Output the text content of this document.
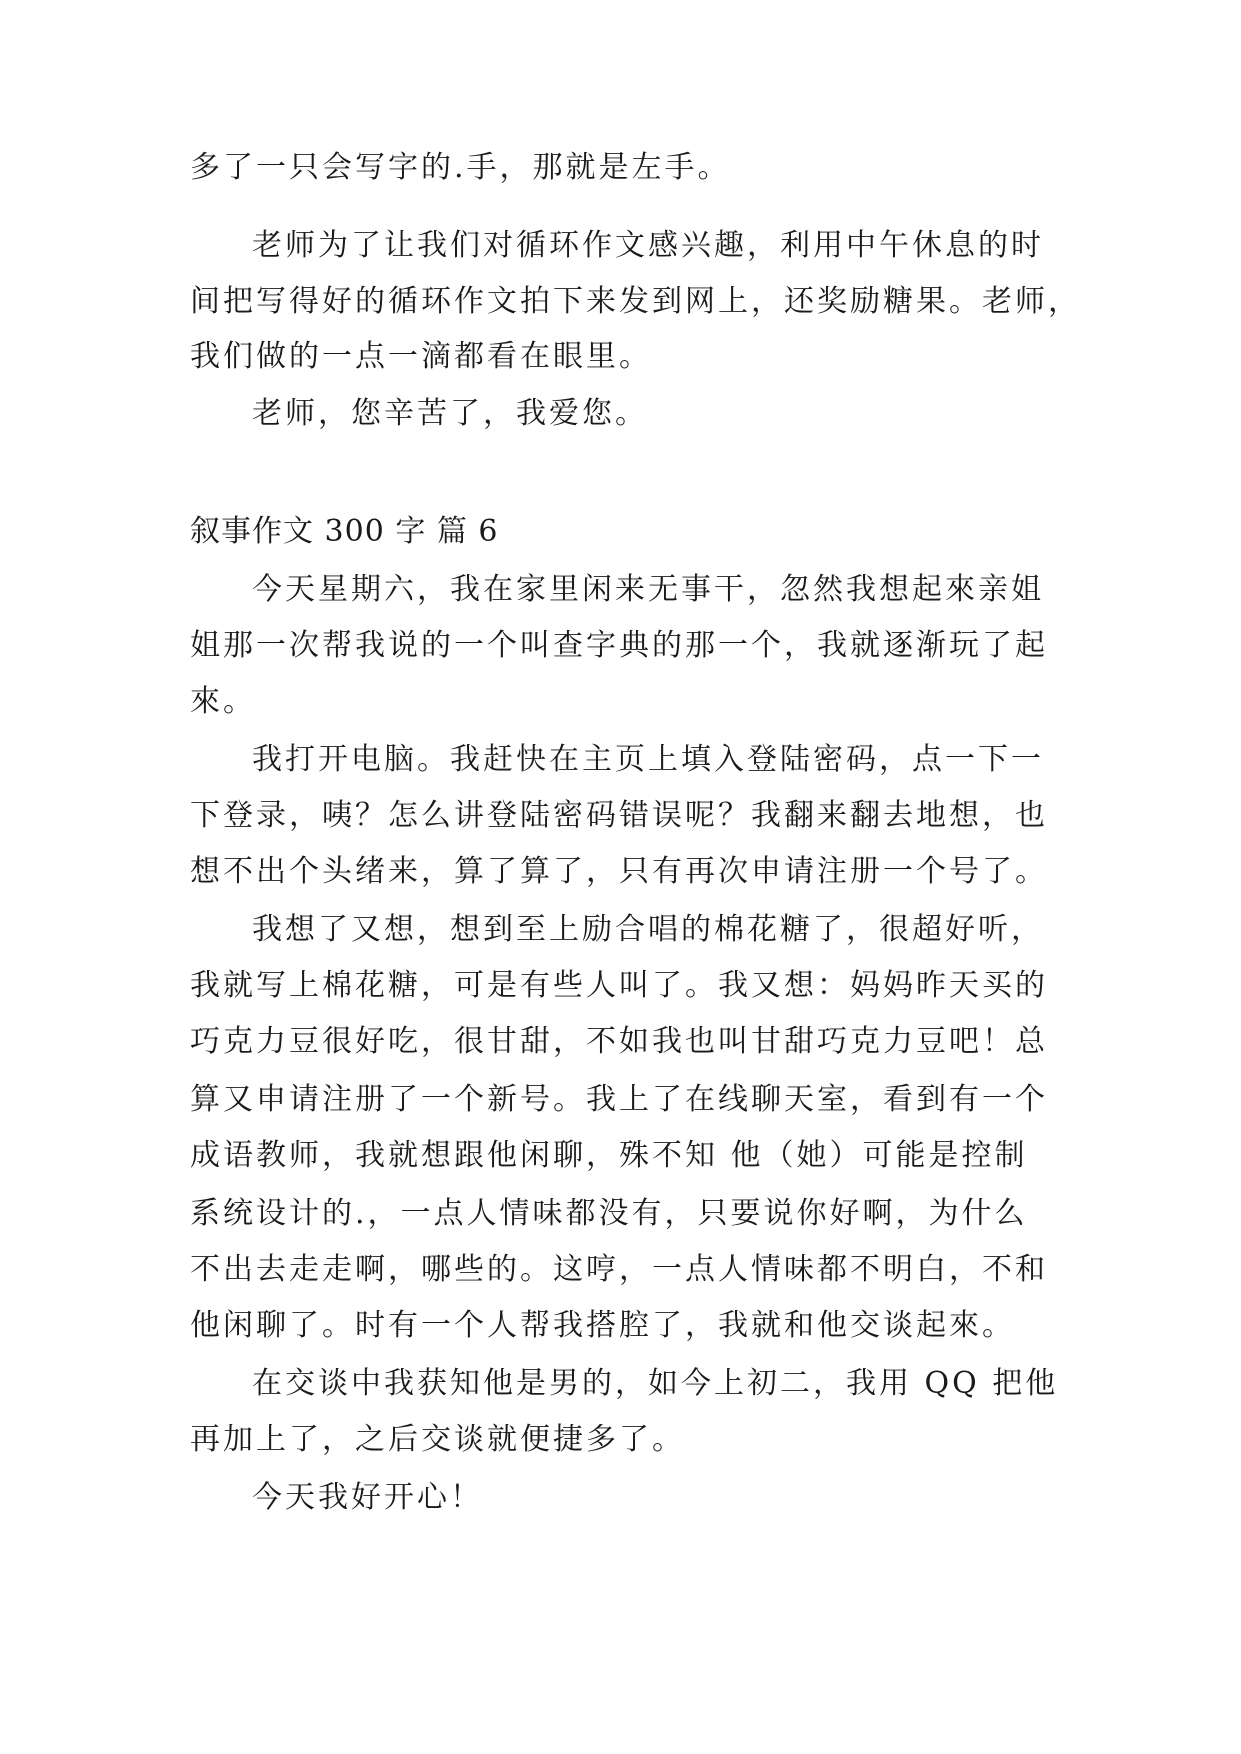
多了一只会写字的.手，那就是左手。
老师为了让我们对循环作文感兴趣，利用中午休息的时
间把写得好的循环作文拍下来发到网上，还奖励糖果。老师，
我们做的一点一滴都看在眼里。
老师，您辛苦了，我爱您。
叙事作文 300 字 篇 6
今天星期六，我在家里闲来无事干，忽然我想起來亲姐
姐那一次帮我说的一个叫查字典的那一个，我就逐渐玩了起
來。
我打开电脑。我赶快在主页上填入登陆密码，点一下一
下登录，咦？怎么讲登陆密码错误呢？我翻来翻去地想，也
想不出个头绪来，算了算了，只有再次申请注册一个号了。
我想了又想，想到至上励合唱的棉花糖了，很超好听，
我就写上棉花糖，可是有些人叫了。我又想：妈妈昨天买的
巧克力豆很好吃，很甘甜，不如我也叫甘甜巧克力豆吧！总
算又申请注册了一个新号。我上了在线聊天室，看到有一个
成语教师，我就想跟他闲聊，殊不知 他（她）可能是控制
系统设计的.，一点人情味都没有，只要说你好啊，为什么
不出去走走啊，哪些的。这哼，一点人情味都不明白，不和
他闲聊了。时有一个人帮我搭腔了，我就和他交谈起來。
在交谈中我获知他是男的，如今上初二，我用 QQ 把他
再加上了，之后交谈就便捷多了。
今天我好开心！
